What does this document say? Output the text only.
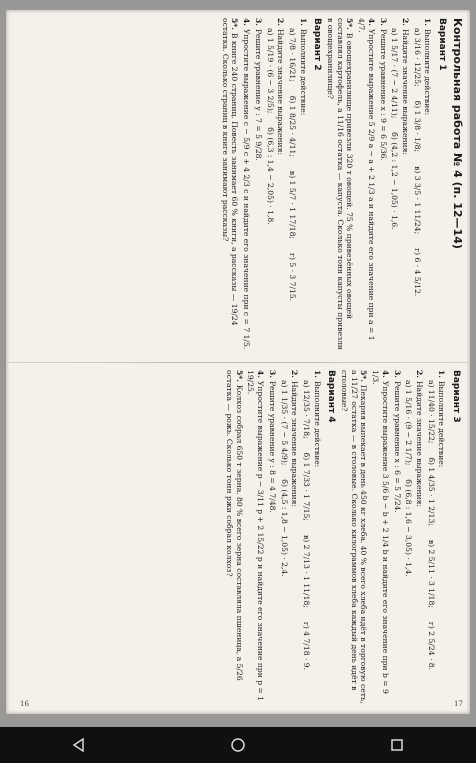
Контрольная работа № 4 (п. 12—14)
Вариант 1
1.Выполните действие:
а) 3/16 · 12/25;
б) 1 3/8 · 1/8;
в) 3 3/5 · 1 11/24;
г) 6 · 4 5/12.
2.Найдите значение выражения:
а) 1 5/17 · (7 − 2 4/11);
б) (4,2 : 1,2 − 1,05) · 1,6.
3.Решите уравнение x : 9 = 6 5/36.
4.Упростите выражение 5 2/9 a − a + 2 1/3 a и найдите его значение при a = 1 4/7.
5*.В овощехранилище привезли 320 т овощей. 75 % привезённых овощей составлял картофель, а 11/16 остатка — капуста. Сколько тонн капусты привезли в овощехранилище?
Вариант 2
1.Выполните действие:
а) 7/8 · 16/21;
б) 1 8/25 · 4/11;
в) 1 5/7 · 1 17/18;
г) 5 · 3 7/15.
2.Найдите значение выражения:
а) 1 5/19 · (6 − 3 2/5);
б) (6,3 : 1,4 − 2,05) · 1,8.
3.Решите уравнение y : 7 = 5 9/28.
4.Упростите выражение c − 5/9 c + 4 2/3 c и найдите его значение при c = 7 1/5.
5*.В книге 240 страниц. Повесть занимает 60 % книги, а рассказы — 19/24 остатка. Сколько страниц в книге занимают рассказы?
Вариант 3
1.Выполните действие:
а) 11/40 · 15/22;
б) 1 4/35 · 1 2/13;
в) 2 5/11 · 3 1/18;
г) 2 5/24 · 8.
2.Найдите значение выражения:
а) 1 5/16 · (9 − 2 1/7);
б) (6,8 : 1,6 − 3,05) · 1,4.
3.Решите уравнение x : 6 = 5 7/24.
4.Упростите выражение 3 5/6 b − b + 2 1/4 b и найдите его значение при b = 9 1/3.
5*.Пекарня выпекает в день 450 кг хлеба. 40 % всего хлеба идёт в торговую сеть, а 11/27 остатка — в столовые. Сколько килограммов хлеба каждый день идёт в столовые?
Вариант 4
1.Выполните действие:
а) 12/35 · 7/18;
б) 1 7/33 · 1 7/15;
в) 2 7/13 · 1 11/18;
г) 4 7/18 · 9.
2.Найдите значение выражения:
а) 1 1/35 · (7 − 5 4/9);
б) (4,5 : 1,8 − 1,05) · 2,4.
3.Решите уравнение y : 8 = 4 7/48.
4.Упростите выражение p − 3/11 p + 2 15/22 p и найдите его значение при p = 1 19/25.
5*.Колхоз собрал 650 т зерна. 80 % всего зерна составляла пшеница, а 5/26 остатка — рожь. Сколько тонн ржи собрал колхоз?
16	17
